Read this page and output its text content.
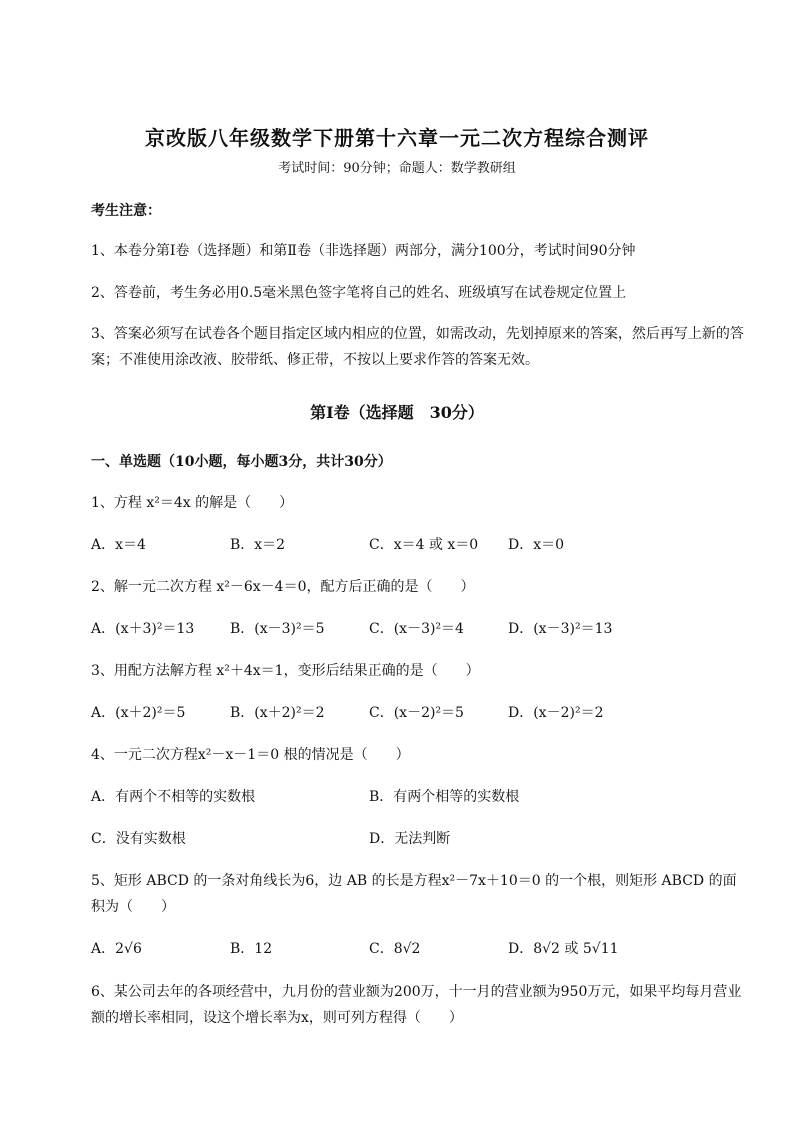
京改版八年级数学下册第十六章一元二次方程综合测评
考试时间：90分钟；命题人：数学教研组
考生注意：
1、本卷分第Ⅰ卷（选择题）和第Ⅱ卷（非选择题）两部分，满分100分，考试时间90分钟
2、答卷前，考生务必用0.5毫米黑色签字笔将自己的姓名、班级填写在试卷规定位置上
3、答案必须写在试卷各个题目指定区域内相应的位置，如需改动，先划掉原来的答案，然后再写上新的答案；不准使用涂改液、胶带纸、修正带，不按以上要求作答的答案无效。
第Ⅰ卷（选择题　30分）
一、单选题（10小题，每小题3分，共计30分）
1、方程 x²＝4x 的解是（　　）
A．x＝4	B．x＝2	C．x＝4 或 x＝0 D．x＝0
2、解一元二次方程 x²－6x－4＝0，配方后正确的是（　　）
A．(x＋3)²＝13	B．(x－3)²＝5	C．(x－3)²＝4	D．(x－3)²＝13
3、用配方法解方程 x²＋4x＝1，变形后结果正确的是（　　）
A．(x＋2)²＝5	B．(x＋2)²＝2	C．(x－2)²＝5	D．(x－2)²＝2
4、一元二次方程x²－x－1＝0 根的情况是（　　）
A．有两个不相等的实数根	B．有两个相等的实数根
C．没有实数根	D．无法判断
5、矩形 ABCD 的一条对角线长为6，边 AB 的长是方程x²－7x＋10＝0 的一个根，则矩形 ABCD 的面积为（　　）
A．2√6	B．12	C．8√2	D．8√2 或 5√11
6、某公司去年的各项经营中，九月份的营业额为200万，十一月的营业额为950万元，如果平均每月营业额的增长率相同，设这个增长率为x，则可列方程得（　　）
